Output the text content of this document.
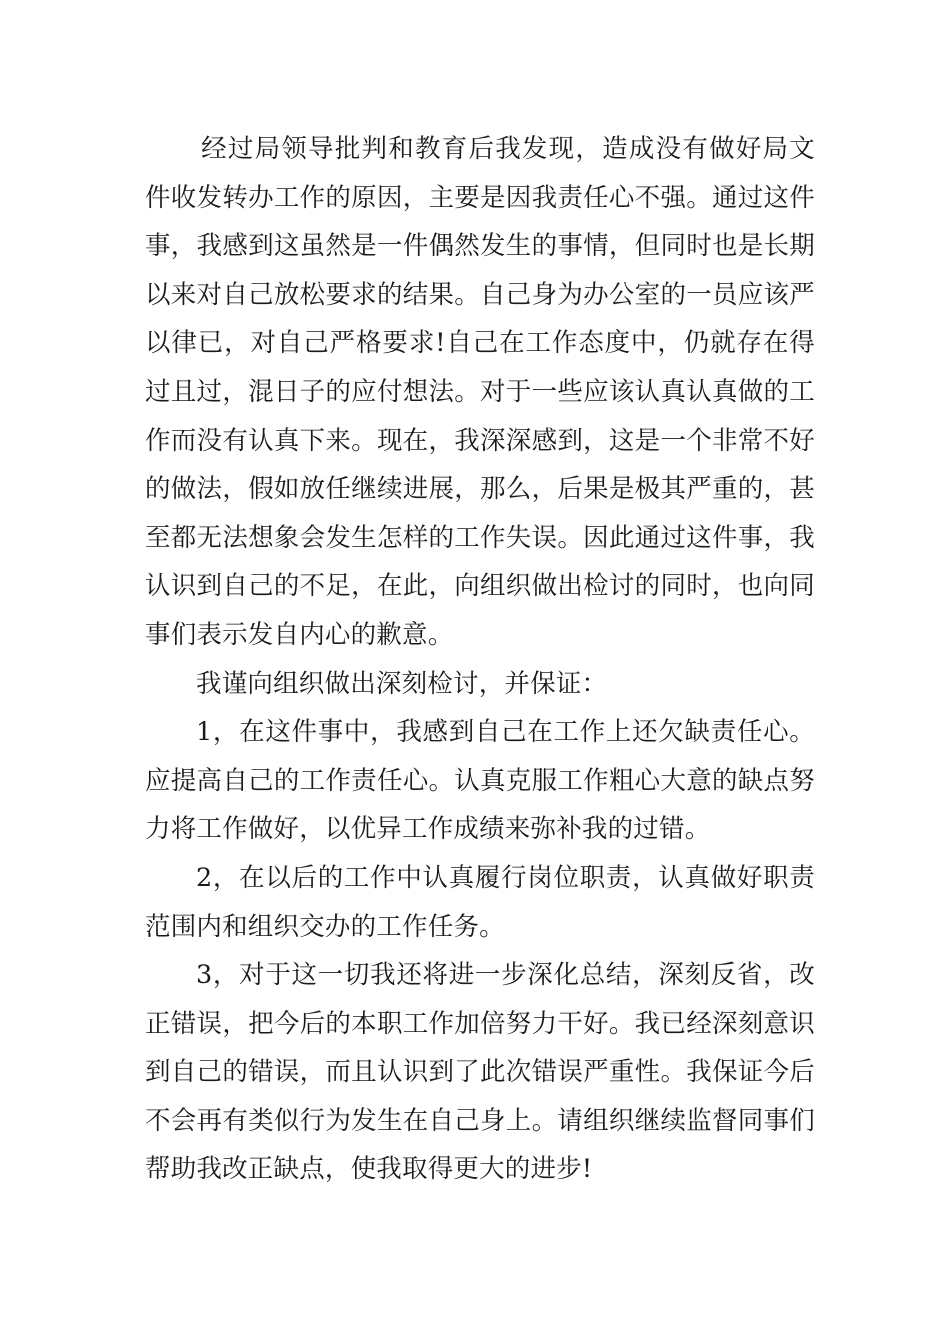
经过局领导批判和教育后我发现，造成没有做好局文件收发转办工作的原因，主要是因我责任心不强。通过这件事，我感到这虽然是一件偶然发生的事情，但同时也是长期以来对自己放松要求的结果。自己身为办公室的一员应该严以律已，对自己严格要求!自己在工作态度中，仍就存在得过且过，混日子的应付想法。对于一些应该认真认真做的工作而没有认真下来。现在，我深深感到，这是一个非常不好的做法，假如放任继续进展，那么，后果是极其严重的，甚至都无法想象会发生怎样的工作失误。因此通过这件事，我认识到自己的不足，在此，向组织做出检讨的同时，也向同事们表示发自内心的歉意。

我谨向组织做出深刻检讨，并保证：

1，在这件事中，我感到自己在工作上还欠缺责任心。应提高自己的工作责任心。认真克服工作粗心大意的缺点努力将工作做好，以优异工作成绩来弥补我的过错。

2，在以后的工作中认真履行岗位职责，认真做好职责范围内和组织交办的工作任务。

3，对于这一切我还将进一步深化总结，深刻反省，改正错误，把今后的本职工作加倍努力干好。我已经深刻意识到自己的错误，而且认识到了此次错误严重性。我保证今后不会再有类似行为发生在自己身上。请组织继续监督同事们帮助我改正缺点，使我取得更大的进步!
